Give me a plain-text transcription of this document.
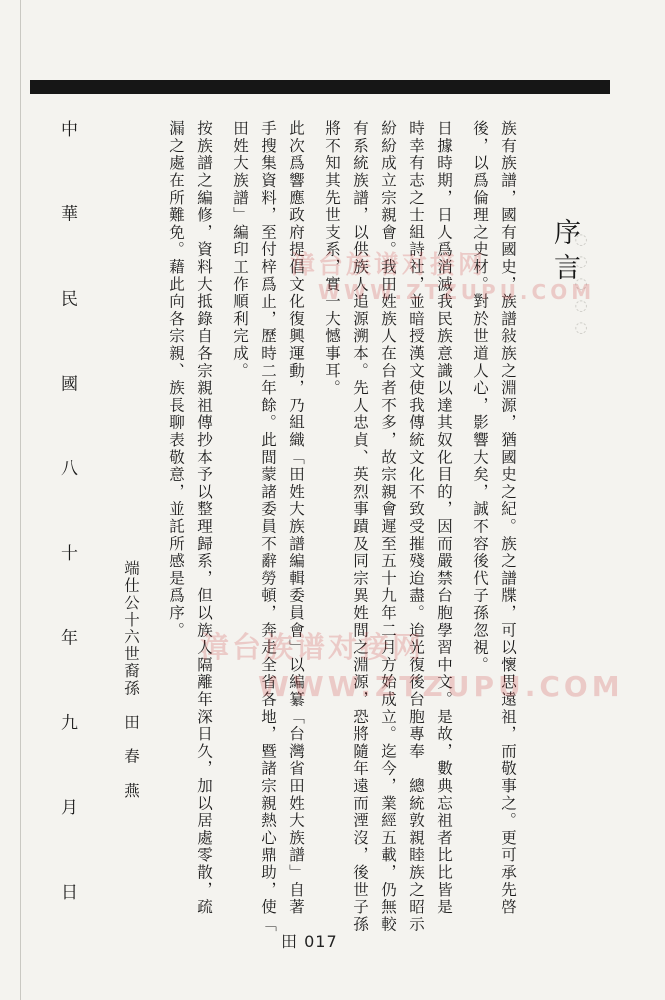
◌◌◌◌◌
序言
族有族譜，國有國史，族譜敍族之淵源，猶國史之紀。族之譜牒，可以懷思遠祖，而敬事之。更可承先啓
後，以爲倫理之史材。對於世道人心，影響大矣，誠不容後代子孫忽視。
日據時期，日人爲消滅我民族意識以達其奴化目的，因而嚴禁台胞學習中文。是故，數典忘祖者比比皆是
時幸有志之士組詩社，並暗授漢文使我傳統文化不致受摧殘迨盡。迨光復後台胞專奉　總統敦親睦族之昭示
紛紛成立宗親會。我田姓族人在台者不多，故宗親會遲至五十九年二月方始成立。迄今，業經五載，仍無較
有系統族譜，以供族人追源溯本。先人忠貞、英烈事蹟及同宗異姓間之淵源，恐將隨年遠而湮沒，後世子孫
將不知其先世支系，實一大憾事耳。
此次爲響應政府提倡文化復興運動，乃組織「田姓大族譜編輯委員會」以編纂「台灣省田姓大族譜」自著
手搜集資料，至付梓爲止，歷時二年餘。此間蒙諸委員不辭勞頓，奔走全省各地，暨諸宗親熱心鼎助，使「
田姓大族譜」編印工作順利完成。
按族譜之編修，資料大抵錄自各宗親祖傳抄本予以整理歸系，但以族人隔離年深日久，加以居處零散，疏
漏之處在所難免。藉此向各宗親、族長聊表敬意，並託所感是爲序。
端仕公十六世裔孫　田　春　燕
中華民國八十年九月日
田 017
漳台族谱对接网
WWW.ZTZUPU.COM
漳台族谱对接网
WWW.ZTZUPU.COM
